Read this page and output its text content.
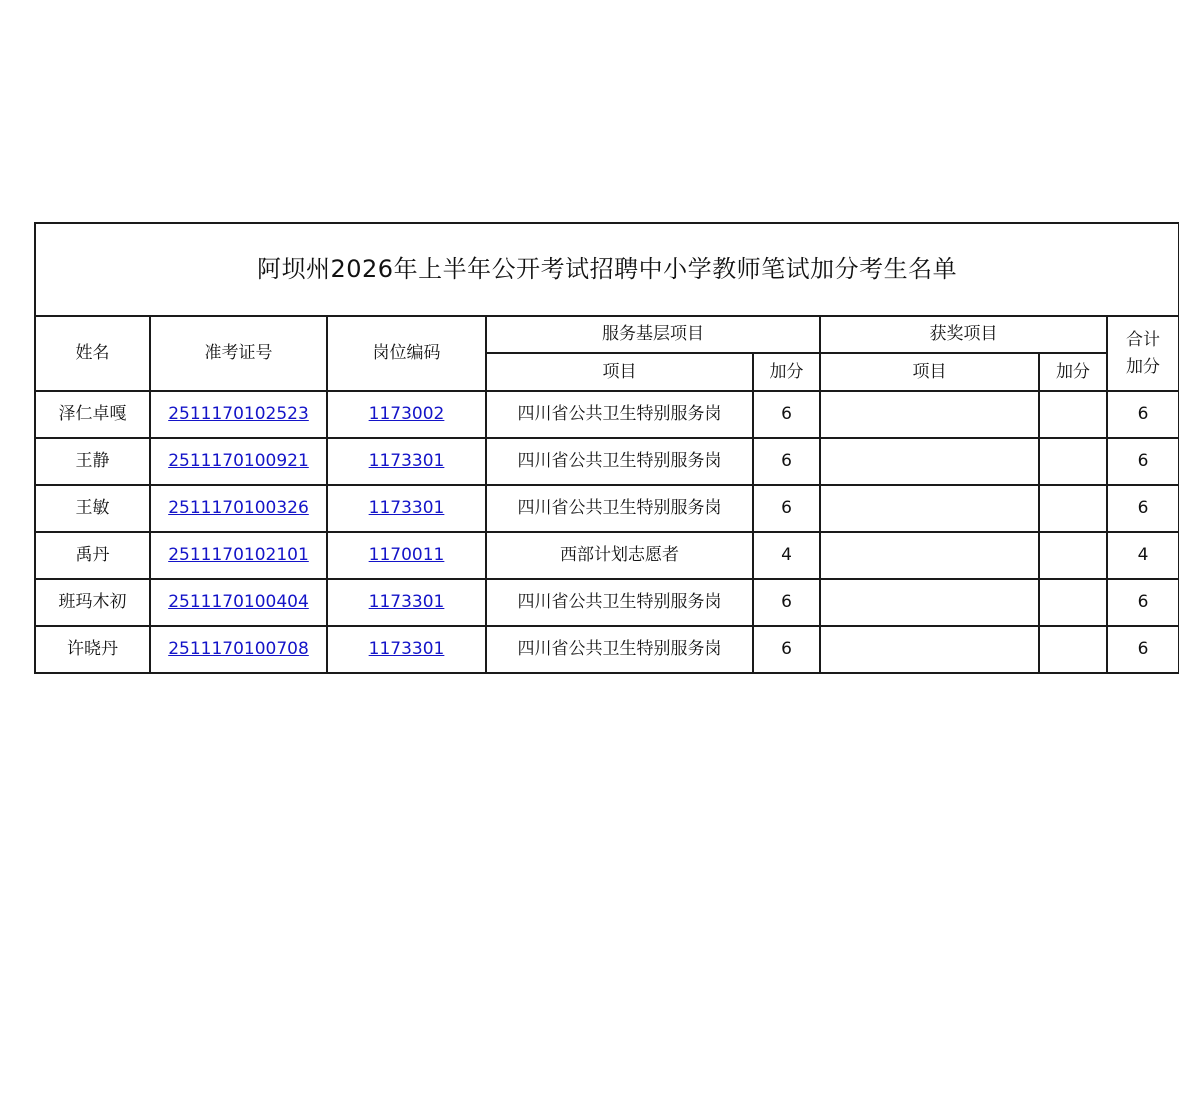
阿坝州2026年上半年公开考试招聘中小学教师笔试加分考生名单							
姓名	准考证号	岗位编码	服务基层项目		获奖项目		合计
加分
			项目	加分	项目	加分	
泽仁卓嘎	2511170102523	1173002	四川省公共卫生特别服务岗	6			6
王静	2511170100921	1173301	四川省公共卫生特别服务岗	6			6
王敏	2511170100326	1173301	四川省公共卫生特别服务岗	6			6
禹丹	2511170102101	1170011	西部计划志愿者	4			4
班玛木初	2511170100404	1173301	四川省公共卫生特别服务岗	6			6
许晓丹	2511170100708	1173301	四川省公共卫生特别服务岗	6			6
